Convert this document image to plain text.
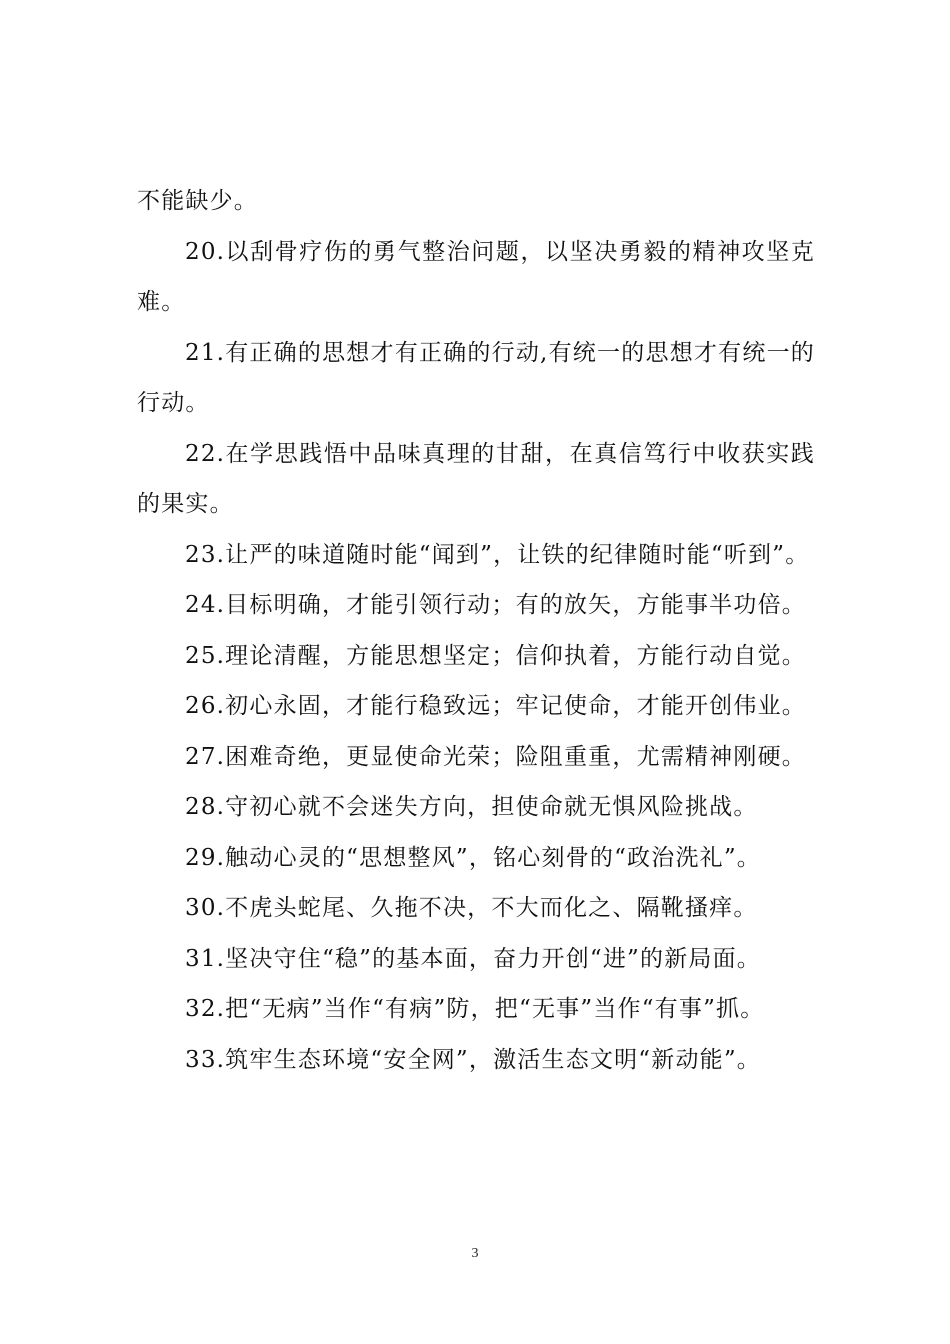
不能缺少。

20.以刮骨疗伤的勇气整治问题，以坚决勇毅的精神攻坚克难。

21.有正确的思想才有正确的行动,有统一的思想才有统一的行动。

22.在学思践悟中品味真理的甘甜，在真信笃行中收获实践的果实。

23.让严的味道随时能“闻到”，让铁的纪律随时能“听到”。

24.目标明确，才能引领行动；有的放矢，方能事半功倍。

25.理论清醒，方能思想坚定；信仰执着，方能行动自觉。

26.初心永固，才能行稳致远；牢记使命，才能开创伟业。

27.困难奇绝，更显使命光荣；险阻重重，尤需精神刚硬。

28.守初心就不会迷失方向，担使命就无惧风险挑战。

29.触动心灵的“思想整风”，铭心刻骨的“政治洗礼”。

30.不虎头蛇尾、久拖不决，不大而化之、隔靴搔痒。

31.坚决守住“稳”的基本面，奋力开创“进”的新局面。

32.把“无病”当作“有病”防，把“无事”当作“有事”抓。

33.筑牢生态环境“安全网”，激活生态文明“新动能”。

3
